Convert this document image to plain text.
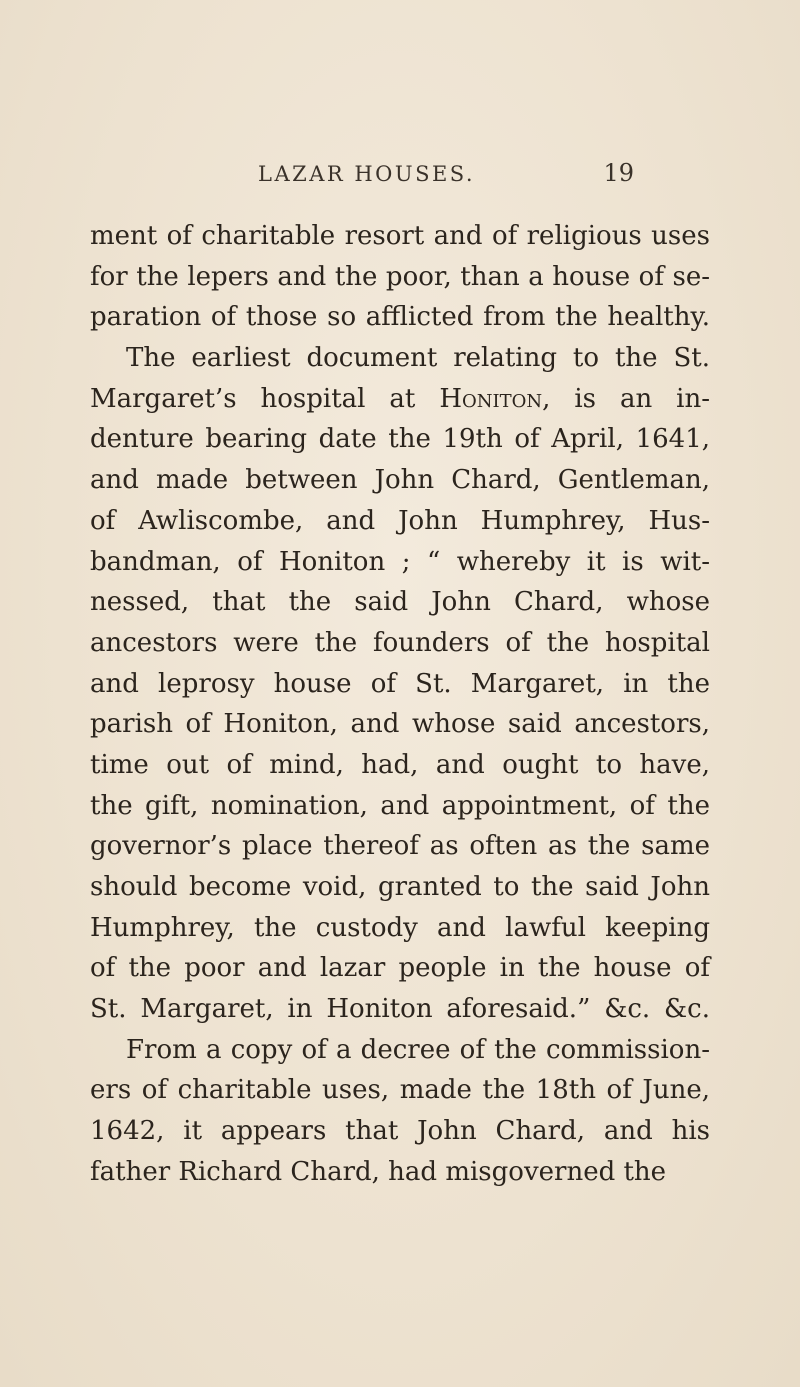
LAZAR HOUSES.	19
ment of charitable resort and of religious uses
for the lepers and the poor, than a house of se-
paration of those so afflicted from the healthy.
The earliest document relating to the St.
Margaret’s hospital at Honiton, is an in-
denture bearing date the 19th of April, 1641,
and made between John Chard, Gentleman,
of Awliscombe, and John Humphrey, Hus-
bandman, of Honiton ; “ whereby it is wit-
nessed, that the said John Chard, whose
ancestors were the founders of the hospital
and leprosy house of St. Margaret, in the
parish of Honiton, and whose said ancestors,
time out of mind, had, and ought to have,
the gift, nomination, and appointment, of the
governor’s place thereof as often as the same
should become void, granted to the said John
Humphrey, the custody and lawful keeping
of the poor and lazar people in the house of
St. Margaret, in Honiton aforesaid.” &c. &c.
From a copy of a decree of the commission-
ers of charitable uses, made the 18th of June,
1642, it appears that John Chard, and his
father Richard Chard, had misgoverned the
